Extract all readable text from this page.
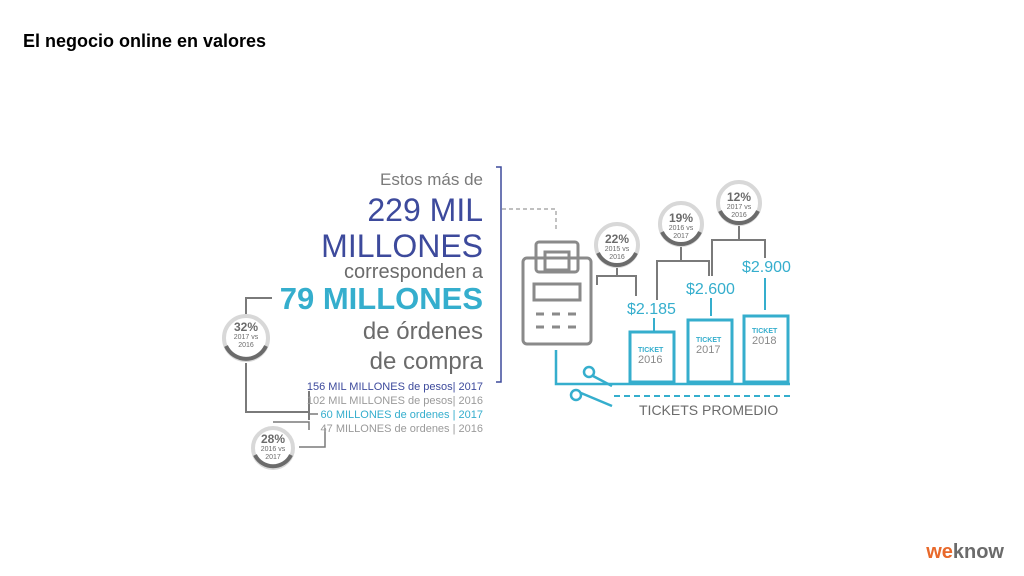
El negocio online en valores
Estos más de
229 MIL
MILLONES
corresponden a
79 MILLONES
de órdenes
de compra
156 MIL MILLONES de pesos| 2017
102 MIL MILLONES de pesos| 2016
60 MILLONES de ordenes | 2017
47 MILLONES de ordenes | 2016
32%
2017 vs
2016
28%
2016 vs
2017
22%
2015 vs
2016
19%
2016 vs
2017
12%
2017 vs
2016
$2.185
$2.600
$2.900
TICKET
2016
TICKET
2017
TICKET
2018
TICKETS PROMEDIO
weknow
